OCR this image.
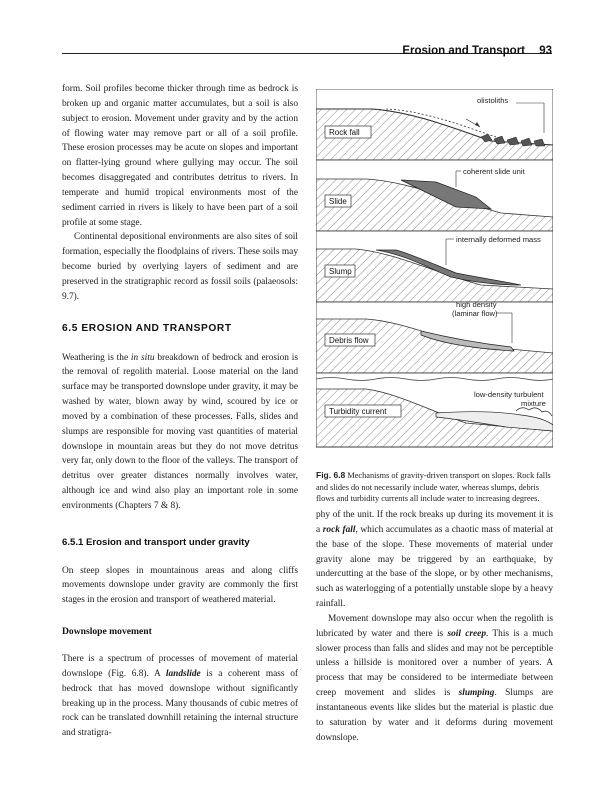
Erosion and Transport 93

form. Soil profiles become thicker through time as bedrock is broken up and organic matter accumulates, but a soil is also subject to erosion. Movement under gravity and by the action of flowing water may remove part or all of a soil profile. These erosion processes may be acute on slopes and important on flatter-lying ground where gullying may occur. The soil becomes disaggregated and contributes detritus to rivers. In temperate and humid tropical environments most of the sediment carried in rivers is likely to have been part of a soil profile at some stage.

Continental depositional environments are also sites of soil formation, especially the floodplains of rivers. These soils may become buried by overlying layers of sediment and are preserved in the stratigraphic record as fossil soils (palaeosols: 9.7).

6.5 EROSION AND TRANSPORT

Weathering is the in situ breakdown of bedrock and erosion is the removal of regolith material. Loose material on the land surface may be transported downslope under gravity, it may be washed by water, blown away by wind, scoured by ice or moved by a combination of these processes. Falls, slides and slumps are responsible for moving vast quantities of material downslope in mountain areas but they do not move detritus very far, only down to the floor of the valleys. The transport of detritus over greater distances normally involves water, although ice and wind also play an important role in some environments (Chapters 7 & 8).

6.5.1 Erosion and transport under gravity

On steep slopes in mountainous areas and along cliffs movements downslope under gravity are commonly the first stages in the erosion and transport of weathered material.

Downslope movement

There is a spectrum of processes of movement of material downslope (Fig. 6.8). A landslide is a coherent mass of bedrock that has moved downslope without significantly breaking up in the process. Many thousands of cubic metres of rock can be translated downhill retaining the internal structure and stratigra-

Rock fall
olistoliths
Slide
coherent slide unit
Slump
internally deformed mass
Debris flow
high density
(laminar flow)
Turbidity current
low-density turbulent
mixture
Fig. 6.8 Mechanisms of gravity-driven transport on slopes. Rock falls and slides do not necessarily include water, whereas slumps, debris flows and turbidity currents all include water to increasing degrees.

phy of the unit. If the rock breaks up during its movement it is a rock fall, which accumulates as a chaotic mass of material at the base of the slope. These movements of material under gravity alone may be triggered by an earthquake, by undercutting at the base of the slope, or by other mechanisms, such as waterlogging of a potentially unstable slope by a heavy rainfall.

Movement downslope may also occur when the regolith is lubricated by water and there is soil creep. This is a much slower process than falls and slides and may not be perceptible unless a hillside is monitored over a number of years. A process that may be considered to be intermediate between creep movement and slides is slumping. Slumps are instantaneous events like slides but the material is plastic due to saturation by water and it deforms during movement downslope.
